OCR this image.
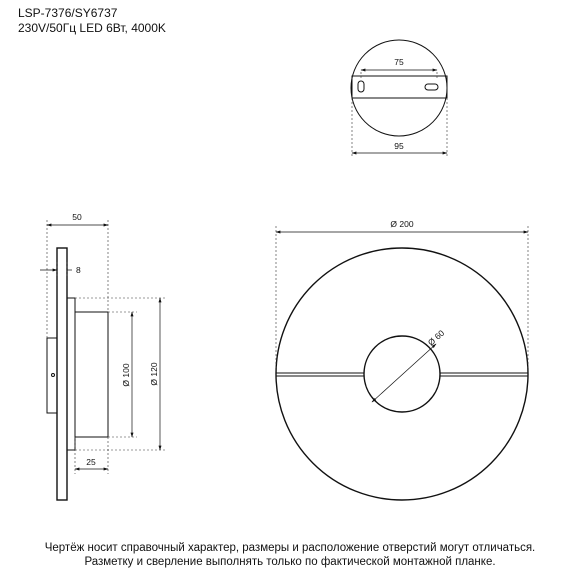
LSP-7376/SY6737
230V/50Гц LED 6Вт, 4000K
75
95
50
8
Ø 100 Ø 120
25
Ø 200
Ø 60
Чертёж носит справочный характер, размеры и расположение отверстий могут отличаться.
Разметку и сверление выполнять только по фактической монтажной планке.
